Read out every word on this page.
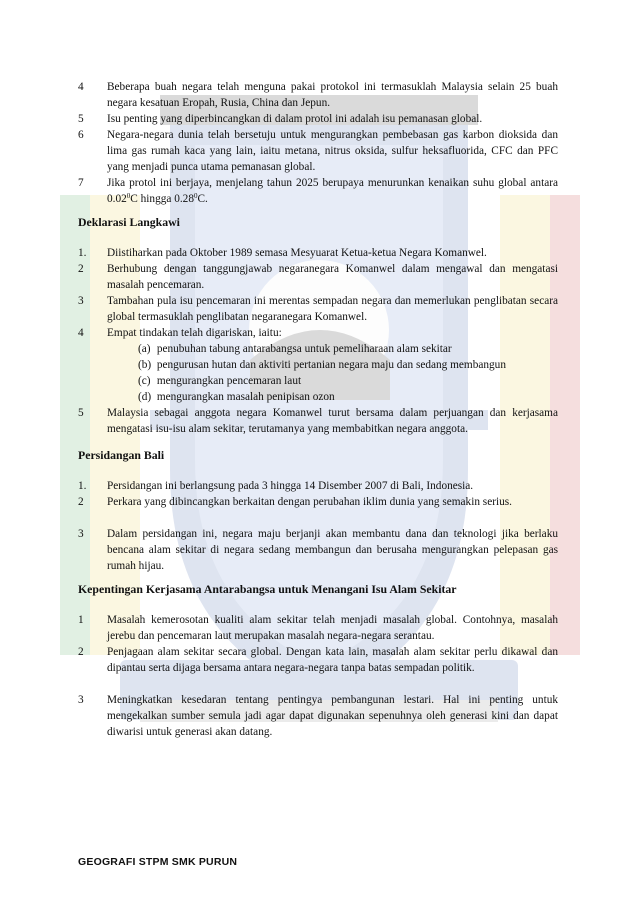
4 Beberapa buah negara telah menguna pakai protokol ini termasuklah Malaysia selain 25 buah negara kesatuan Eropah, Rusia, China dan Jepun.
5 Isu penting yang diperbincangkan di dalam protol ini adalah isu pemanasan global.
6 Negara-negara dunia telah bersetuju untuk mengurangkan pembebasan gas karbon dioksida dan lima gas rumah kaca yang lain, iaitu metana, nitrus oksida, sulfur heksafluorida, CFC dan PFC yang menjadi punca utama pemanasan global.
7 Jika protol ini berjaya, menjelang tahun 2025 berupaya menurunkan kenaikan suhu global antara 0.02$^0$C hingga 0.28$^0$C.
Deklarasi Langkawi
1. Diistiharkan pada Oktober 1989 semasa Mesyuarat Ketua-ketua Negara Komanwel.
2 Berhubung dengan tanggungjawab negaranegara Komanwel dalam mengawal dan mengatasi masalah pencemaran.
3 Tambahan pula isu pencemaran ini merentas sempadan negara dan memerlukan penglibatan secara global termasuklah penglibatan negaranegara Komanwel.
4 Empat tindakan telah digariskan, iaitu:
(a) penubuhan tabung antarabangsa untuk pemeliharaan alam sekitar
(b) pengurusan hutan dan aktiviti pertanian negara maju dan sedang membangun
(c) mengurangkan pencemaran laut
(d) mengurangkan masalah penipisan ozon
5 Malaysia sebagai anggota negara Komanwel turut bersama dalam perjuangan dan kerjasama mengatasi isu-isu alam sekitar, terutamanya yang membabitkan negara anggota.
Persidangan Bali
1. Persidangan ini berlangsung pada 3 hingga 14 Disember 2007 di Bali, Indonesia.
2 Perkara yang dibincangkan berkaitan dengan perubahan iklim dunia yang semakin serius.
3 Dalam persidangan ini, negara maju berjanji akan membantu dana dan teknologi jika berlaku bencana alam sekitar di negara sedang membangun dan berusaha mengurangkan pelepasan gas rumah hijau.
Kepentingan Kerjasama Antarabangsa untuk Menangani Isu Alam Sekitar
1 Masalah kemerosotan kualiti alam sekitar telah menjadi masalah global. Contohnya, masalah jerebu dan pencemaran laut merupakan masalah negara-negara serantau.
2 Penjagaan alam sekitar secara global. Dengan kata lain, masalah alam sekitar perlu dikawal dan dipantau serta dijaga bersama antara negara-negara tanpa batas sempadan politik.
3 Meningkatkan kesedaran tentang pentingya pembangunan lestari. Hal ini penting untuk mengekalkan sumber semula jadi agar dapat digunakan sepenuhnya oleh generasi kini dan dapat diwarisi untuk generasi akan datang.
GEOGRAFI STPM SMK PURUN
